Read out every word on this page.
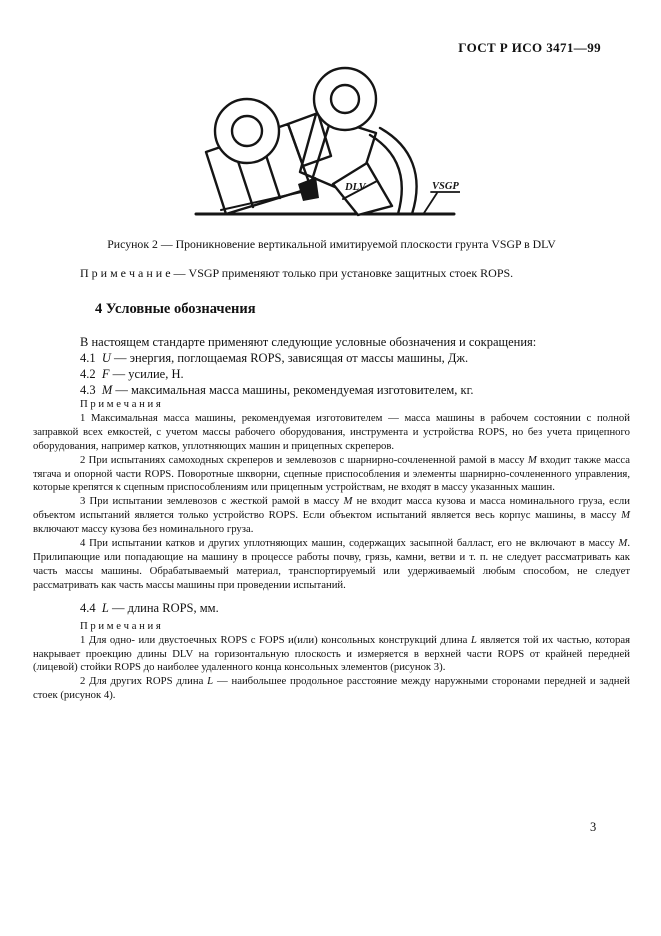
ГОСТ Р ИСО 3471—99
DLV	VSGP
Рисунок 2 — Проникновение вертикальной имитируемой плоскости грунта VSGP в DLV
П р и м е ч а н и е — VSGP применяют только при установке защитных стоек ROPS.
4 Условные обозначения

В настоящем стандарте применяют следующие условные обозначения и сокращения:

4.1 U — энергия, поглощаемая ROPS, зависящая от массы машины, Дж.

4.2 F — усилие, Н.

4.3 M — максимальная масса машины, рекомендуемая изготовителем, кг.

П р и м е ч а н и я

1 Максимальная масса машины, рекомендуемая изготовителем — масса машины в рабочем состоянии с полной заправкой всех емкостей, с учетом массы рабочего оборудования, инструмента и устройства ROPS, но без учета прицепного оборудования, например катков, уплотняющих машин и прицепных скреперов.

2 При испытаниях самоходных скреперов и землевозов с шарнирно-сочлененной рамой в массу M входит также масса тягача и опорной части ROPS. Поворотные шкворни, сцепные приспособления и элементы шарнирно-сочлененного управления, которые крепятся к сцепным приспособлениям или прицепным устройствам, не входят в массу указанных машин.

3 При испытании землевозов с жесткой рамой в массу M не входит масса кузова и масса номинального груза, если объектом испытаний является только устройство ROPS. Если объектом испытаний является весь корпус машины, в массу M включают массу кузова без номинального груза.

4 При испытании катков и других уплотняющих машин, содержащих засыпной балласт, его не включают в массу M. Прилипающие или попадающие на машину в процессе работы почву, грязь, камни, ветви и т. п. не следует рассматривать как часть массы машины. Обрабатываемый материал, транспортируемый или удерживаемый любым способом, не следует рассматривать как часть массы машины при проведении испытаний.

4.4 L — длина ROPS, мм.

П р и м е ч а н и я

1 Для одно- или двустоечных ROPS с FOPS и(или) консольных конструкций длина L является той их частью, которая накрывает проекцию длины DLV на горизонтальную плоскость и измеряется в верхней части ROPS от крайней передней (лицевой) стойки ROPS до наиболее удаленного конца консольных элементов (рисунок 3).

2 Для других ROPS длина L — наибольшее продольное расстояние между наружными сторонами передней и задней стоек (рисунок 4).

3
